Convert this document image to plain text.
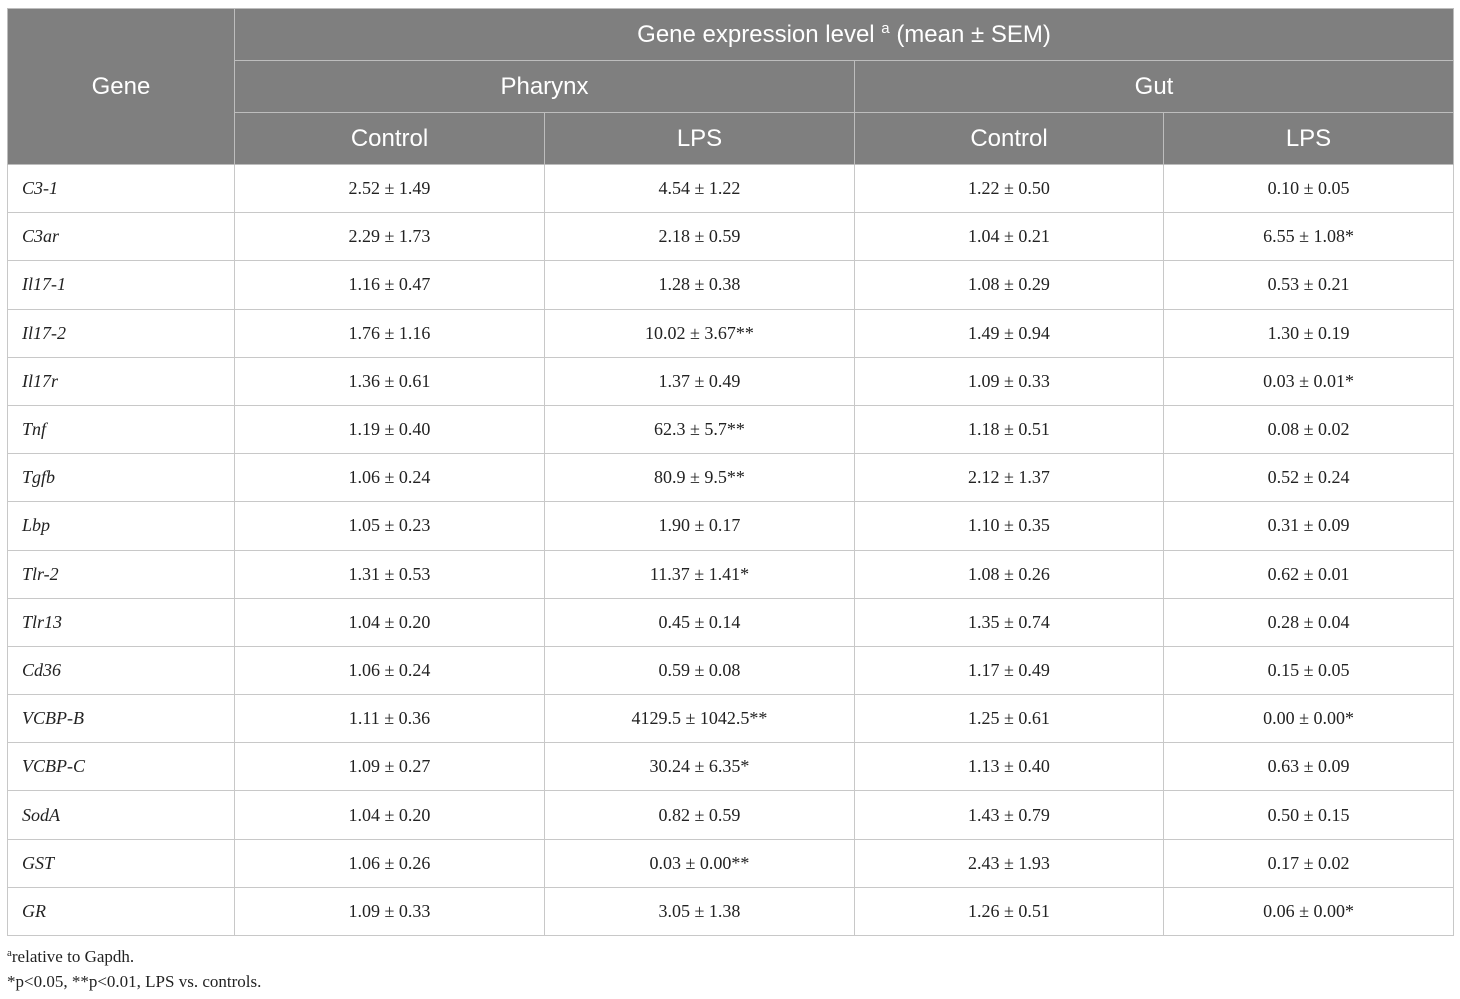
Gene	Gene expression level $^a$ (mean ± SEM)			
	Pharynx		Gut	
	Control	LPS	Control	LPS
C3-1	2.52 ± 1.49	4.54 ± 1.22	1.22 ± 0.50	0.10 ± 0.05
C3ar	2.29 ± 1.73	2.18 ± 0.59	1.04 ± 0.21	6.55 ± 1.08*
Il17-1	1.16 ± 0.47	1.28 ± 0.38	1.08 ± 0.29	0.53 ± 0.21
Il17-2	1.76 ± 1.16	10.02 ± 3.67**	1.49 ± 0.94	1.30 ± 0.19
Il17r	1.36 ± 0.61	1.37 ± 0.49	1.09 ± 0.33	0.03 ± 0.01*
Tnf	1.19 ± 0.40	62.3 ± 5.7**	1.18 ± 0.51	0.08 ± 0.02
Tgfb	1.06 ± 0.24	80.9 ± 9.5**	2.12 ± 1.37	0.52 ± 0.24
Lbp	1.05 ± 0.23	1.90 ± 0.17	1.10 ± 0.35	0.31 ± 0.09
Tlr-2	1.31 ± 0.53	11.37 ± 1.41*	1.08 ± 0.26	0.62 ± 0.01
Tlr13	1.04 ± 0.20	0.45 ± 0.14	1.35 ± 0.74	0.28 ± 0.04
Cd36	1.06 ± 0.24	0.59 ± 0.08	1.17 ± 0.49	0.15 ± 0.05
VCBP-B	1.11 ± 0.36	4129.5 ± 1042.5**	1.25 ± 0.61	0.00 ± 0.00*
VCBP-C	1.09 ± 0.27	30.24 ± 6.35*	1.13 ± 0.40	0.63 ± 0.09
SodA	1.04 ± 0.20	0.82 ± 0.59	1.43 ± 0.79	0.50 ± 0.15
GST	1.06 ± 0.26	0.03 ± 0.00**	2.43 ± 1.93	0.17 ± 0.02
GR	1.09 ± 0.33	3.05 ± 1.38	1.26 ± 0.51	0.06 ± 0.00*
$^a$relative to Gapdh.
*p<0.05, **p<0.01, LPS vs. controls.
